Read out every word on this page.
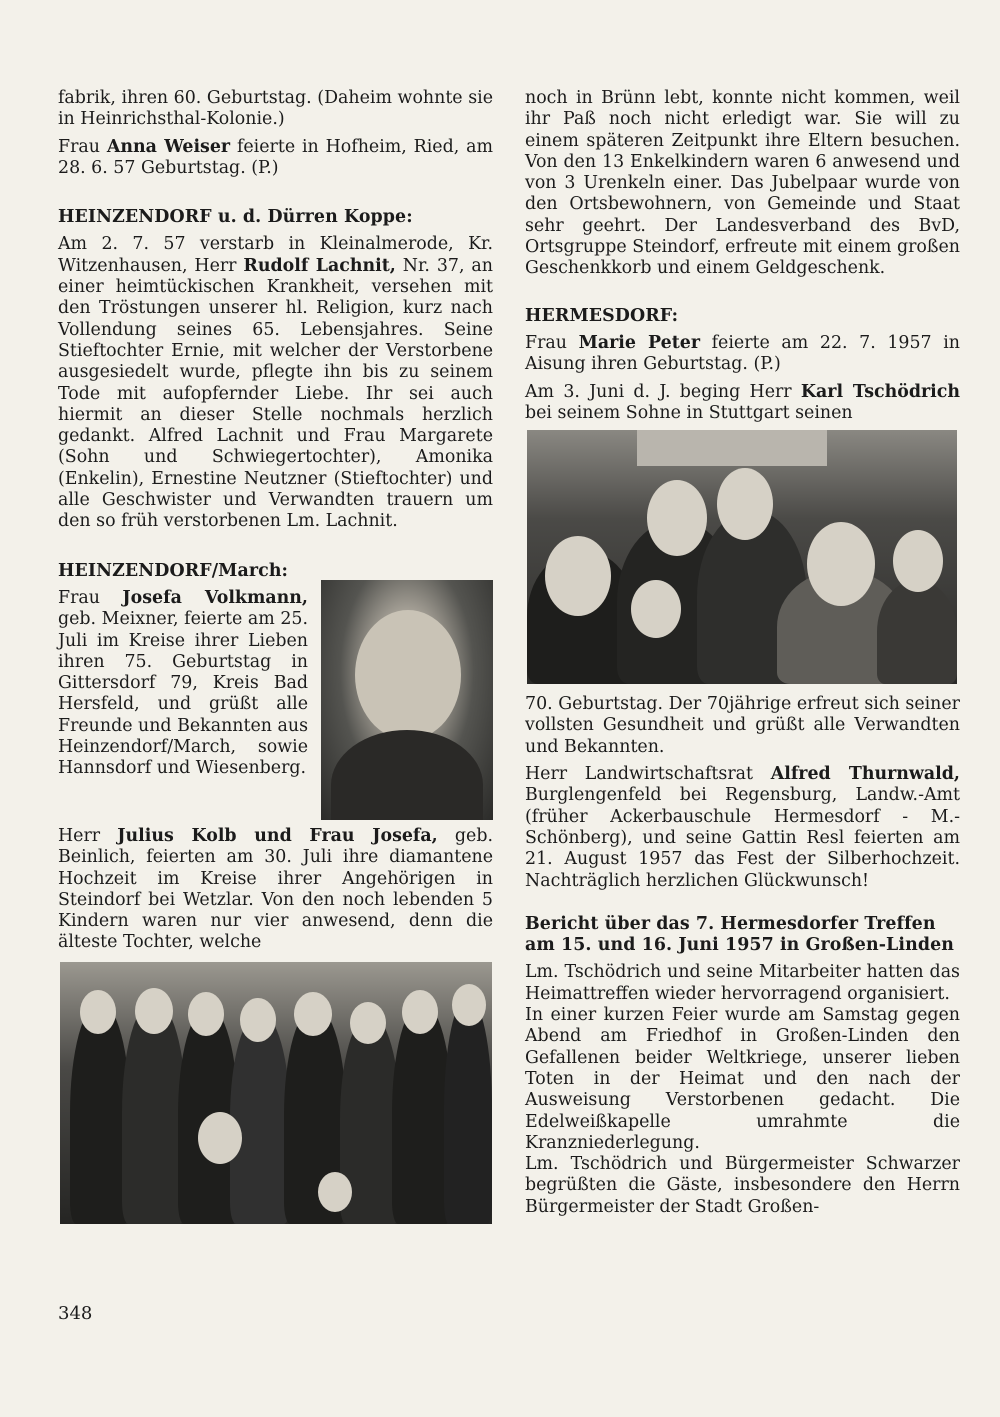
fabrik, ihren 60. Geburtstag. (Daheim wohnte sie in Heinrichsthal-Kolonie.)

Frau Anna Weiser feierte in Hofheim, Ried, am 28. 6. 57 Geburtstag. (P.)

HEINZENDORF u. d. Dürren Koppe:

Am 2. 7. 57 verstarb in Kleinalmerode, Kr. Witzenhausen, Herr Rudolf Lachnit, Nr. 37, an einer heimtückischen Krankheit, versehen mit den Tröstungen unserer hl. Religion, kurz nach Vollendung seines 65. Lebensjahres. Seine Stieftochter Ernie, mit welcher der Verstorbene ausgesiedelt wurde, pflegte ihn bis zu seinem Tode mit aufopfernder Liebe. Ihr sei auch hiermit an dieser Stelle nochmals herzlich gedankt. Alfred Lachnit und Frau Margarete (Sohn und Schwiegertochter), Amonika (Enkelin), Ernestine Neutzner (Stieftochter) und alle Geschwister und Verwandten trauern um den so früh verstorbenen Lm. Lachnit.

HEINZENDORF/March:

Frau Josefa Volkmann, geb. Meixner, feierte am 25. Juli im Kreise ihrer Lieben ihren 75. Geburtstag in Gittersdorf 79, Kreis Bad Hersfeld, und grüßt alle Freunde und Bekannten aus Heinzendorf/March, sowie Hannsdorf und Wiesenberg.

Herr Julius Kolb und Frau Josefa, geb. Beinlich, feierten am 30. Juli ihre diamantene Hochzeit im Kreise ihrer Angehörigen in Steindorf bei Wetzlar. Von den noch lebenden 5 Kindern waren nur vier anwesend, denn die älteste Tochter, welche

noch in Brünn lebt, konnte nicht kommen, weil ihr Paß noch nicht erledigt war. Sie will zu einem späteren Zeitpunkt ihre Eltern besuchen. Von den 13 Enkelkindern waren 6 anwesend und von 3 Urenkeln einer. Das Jubelpaar wurde von den Ortsbewohnern, von Gemeinde und Staat sehr geehrt. Der Landesverband des BvD, Ortsgruppe Steindorf, erfreute mit einem großen Geschenkkorb und einem Geldgeschenk.

HERMESDORF:

Frau Marie Peter feierte am 22. 7. 1957 in Aisung ihren Geburtstag. (P.)

Am 3. Juni d. J. beging Herr Karl Tschödrich bei seinem Sohne in Stuttgart seinen

70. Geburtstag. Der 70jährige erfreut sich seiner vollsten Gesundheit und grüßt alle Verwandten und Bekannten.

Herr Landwirtschaftsrat Alfred Thurnwald, Burglengenfeld bei Regensburg, Landw.-Amt (früher Ackerbauschule Hermesdorf - M.-Schönberg), und seine Gattin Resl feierten am 21. August 1957 das Fest der Silberhochzeit. Nachträglich herzlichen Glückwunsch!

Bericht über das 7. Hermesdorfer Treffen am 15. und 16. Juni 1957 in Großen-Linden

Lm. Tschödrich und seine Mitarbeiter hatten das Heimattreffen wieder hervorragend organisiert.

In einer kurzen Feier wurde am Samstag gegen Abend am Friedhof in Großen-Linden den Gefallenen beider Weltkriege, unserer lieben Toten in der Heimat und den nach der Ausweisung Verstorbenen gedacht. Die Edelweißkapelle umrahmte die Kranzniederlegung.

Lm. Tschödrich und Bürgermeister Schwarzer begrüßten die Gäste, insbesondere den Herrn Bürgermeister der Stadt Großen-

348
